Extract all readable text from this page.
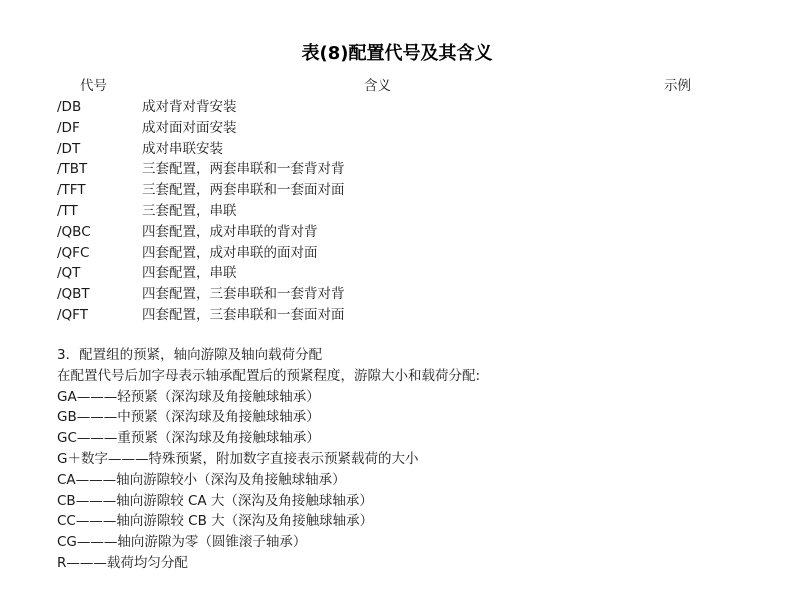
表(8)配置代号及其含义
代号	含义	示例
/DB	成对背对背安装
/DF	成对面对面安装
/DT	成对串联安装
/TBT	三套配置，两套串联和一套背对背
/TFT	三套配置，两套串联和一套面对面
/TT	三套配置，串联
/QBC	四套配置，成对串联的背对背
/QFC	四套配置，成对串联的面对面
/QT	四套配置，串联
/QBT	四套配置，三套串联和一套背对背
/QFT	四套配置，三套串联和一套面对面
3．配置组的预紧，轴向游隙及轴向载荷分配
在配置代号后加字母表示轴承配置后的预紧程度，游隙大小和载荷分配:
GA———轻预紧（深沟球及角接触球轴承）
GB———中预紧（深沟球及角接触球轴承）
GC———重预紧（深沟球及角接触球轴承）
G＋数字———特殊预紧，附加数字直接表示预紧载荷的大小
CA———轴向游隙较小（深沟及角接触球轴承）
CB———轴向游隙较 CA 大（深沟及角接触球轴承）
CC———轴向游隙较 CB 大（深沟及角接触球轴承）
CG———轴向游隙为零（圆锥滚子轴承）
R———载荷均匀分配
